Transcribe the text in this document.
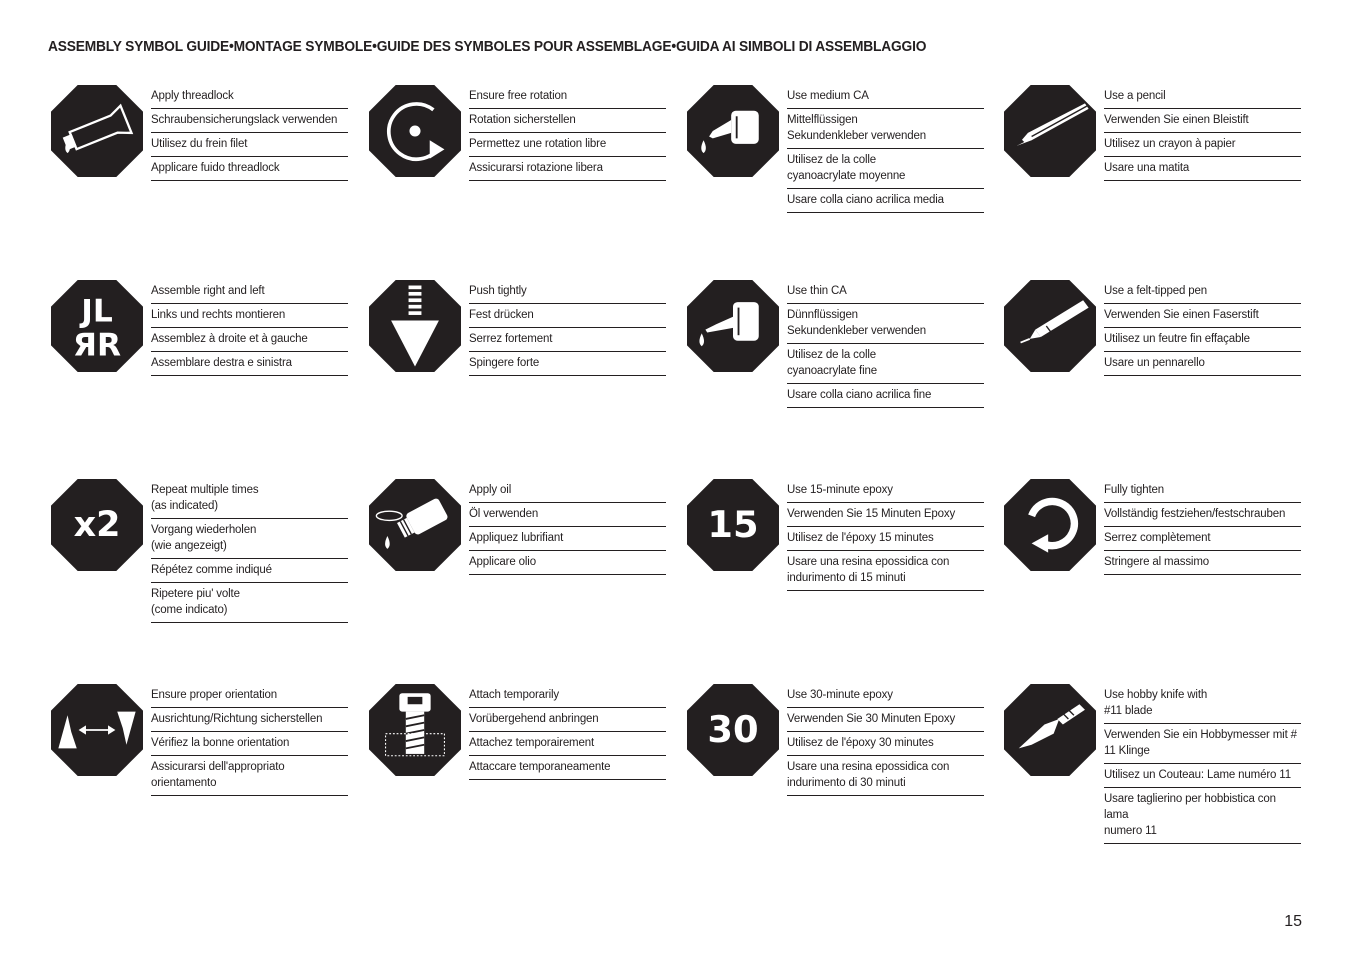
ASSEMBLY SYMBOL GUIDE•MONTAGE SYMBOLE•GUIDE DES SYMBOLES POUR ASSEMBLAGE•GUIDA AI SIMBOLI DI ASSEMBLAGGIO
Apply threadlock
Schraubensicherungslack verwenden
Utilisez du frein filet
Applicare fuido threadlock
Ensure free rotation
Rotation sicherstellen
Permettez une rotation libre
Assicurarsi rotazione libera
Use medium CA
Mittelflüssigen
Sekundenkleber verwenden
Utilisez de la colle
cyanoacrylate moyenne
Usare colla ciano acrilica media
Use a pencil
Verwenden Sie einen Bleistift
Utilisez un crayon à papier
Usare una matita
JL
ЯR
Assemble right and left
Links und rechts montieren
Assemblez à droite et à gauche
Assemblare destra e sinistra
Push tightly
Fest drücken
Serrez fortement
Spingere forte
Use thin CA
Dünnflüssigen
Sekundenkleber verwenden
Utilisez de la colle
cyanoacrylate fine
Usare colla ciano acrilica fine
Use a felt-tipped pen
Verwenden Sie einen Faserstift
Utilisez un feutre fin effaçable
Usare un pennarello
x2
Repeat multiple times
(as indicated)
Vorgang wiederholen
(wie angezeigt)
Répétez comme indiqué
Ripetere piu' volte
(come indicato)
Apply oil
Öl verwenden
Appliquez lubrifiant
Applicare olio
15
Use 15-minute epoxy
Verwenden Sie 15 Minuten Epoxy
Utilisez de l'époxy 15 minutes
Usare una resina epossidica con
indurimento di 15 minuti
Fully tighten
Vollständig festziehen/festschrauben
Serrez complètement
Stringere al massimo
Ensure proper orientation
Ausrichtung/Richtung sicherstellen
Vérifiez la bonne orientation
Assicurarsi dell'appropriato
orientamento
Attach temporarily
Vorübergehend anbringen
Attachez temporairement
Attaccare temporaneamente
30
Use 30-minute epoxy
Verwenden Sie 30 Minuten Epoxy
Utilisez de l'époxy 30 minutes
Usare una resina epossidica con
indurimento di 30 minuti
Use hobby knife with
#11 blade
Verwenden Sie ein Hobbymesser mit #
11 Klinge
Utilisez un Couteau: Lame numéro 11
Usare taglierino per hobbistica con lama
numero 11
15
